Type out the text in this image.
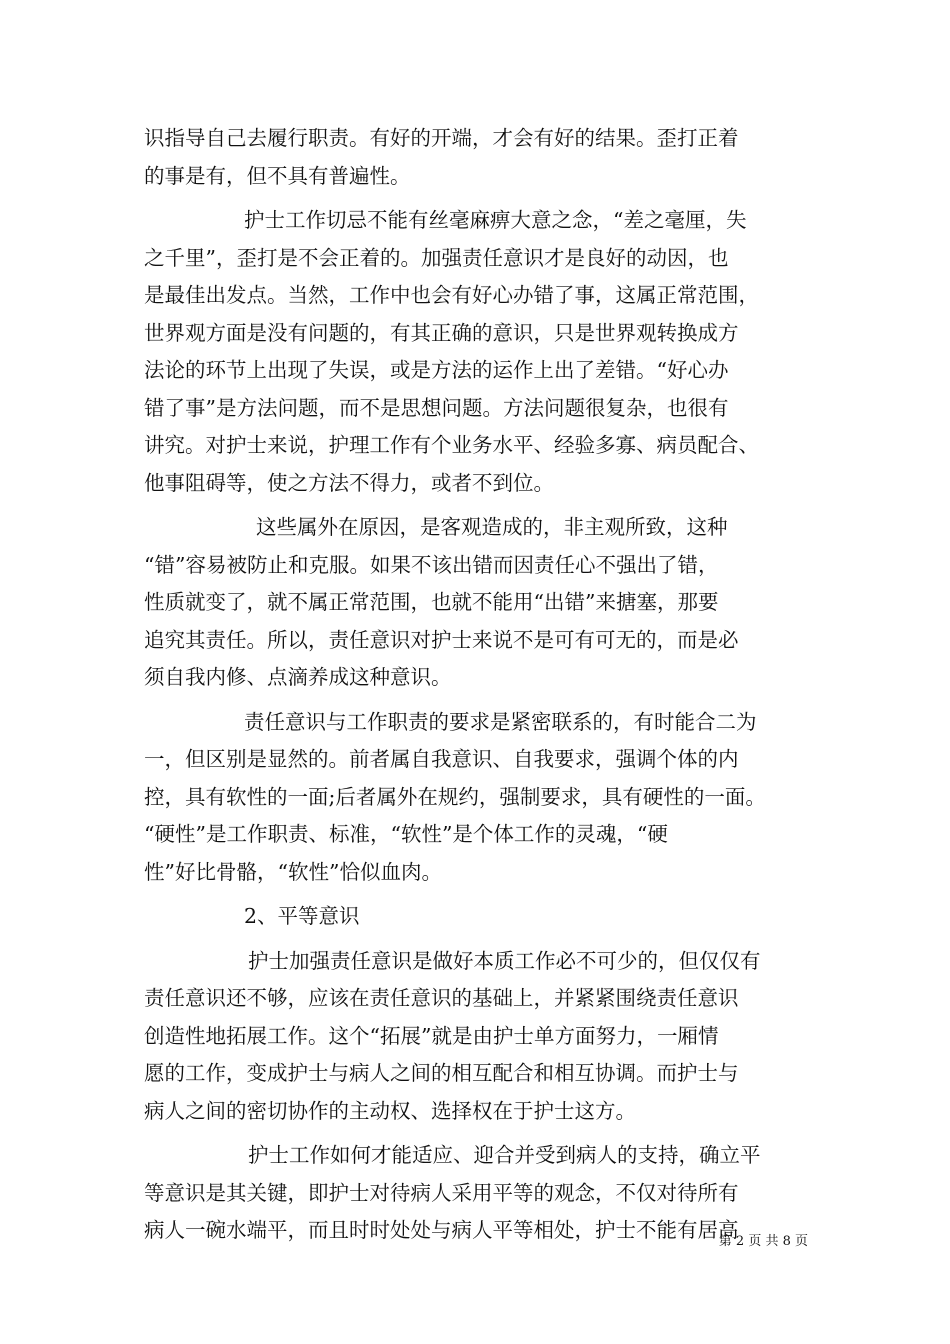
识指导自己去履行职责。有好的开端，才会有好的结果。歪打正着
的事是有，但不具有普遍性。
护士工作切忌不能有丝毫麻痹大意之念，“差之毫厘，失
之千里”，歪打是不会正着的。加强责任意识才是良好的动因，也
是最佳出发点。当然，工作中也会有好心办错了事，这属正常范围，
世界观方面是没有问题的，有其正确的意识，只是世界观转换成方
法论的环节上出现了失误，或是方法的运作上出了差错。“好心办
错了事”是方法问题，而不是思想问题。方法问题很复杂，也很有
讲究。对护士来说，护理工作有个业务水平、经验多寡、病员配合、
他事阻碍等，使之方法不得力，或者不到位。
这些属外在原因，是客观造成的，非主观所致，这种
“错”容易被防止和克服。如果不该出错而因责任心不强出了错，
性质就变了，就不属正常范围，也就不能用“出错”来搪塞，那要
追究其责任。所以，责任意识对护士来说不是可有可无的，而是必
须自我内修、点滴养成这种意识。
责任意识与工作职责的要求是紧密联系的，有时能合二为
一，但区别是显然的。前者属自我意识、自我要求，强调个体的内
控，具有软性的一面;后者属外在规约，强制要求，具有硬性的一面。
“硬性”是工作职责、标准，“软性”是个体工作的灵魂，“硬
性”好比骨骼，“软性”恰似血肉。
2、平等意识
护士加强责任意识是做好本质工作必不可少的，但仅仅有
责任意识还不够，应该在责任意识的基础上，并紧紧围绕责任意识
创造性地拓展工作。这个“拓展”就是由护士单方面努力，一厢情
愿的工作，变成护士与病人之间的相互配合和相互协调。而护士与
病人之间的密切协作的主动权、选择权在于护士这方。
护士工作如何才能适应、迎合并受到病人的支持，确立平
等意识是其关键，即护士对待病人采用平等的观念，不仅对待所有
病人一碗水端平，而且时时处处与病人平等相处，护士不能有居高
第 2 页 共 8 页
